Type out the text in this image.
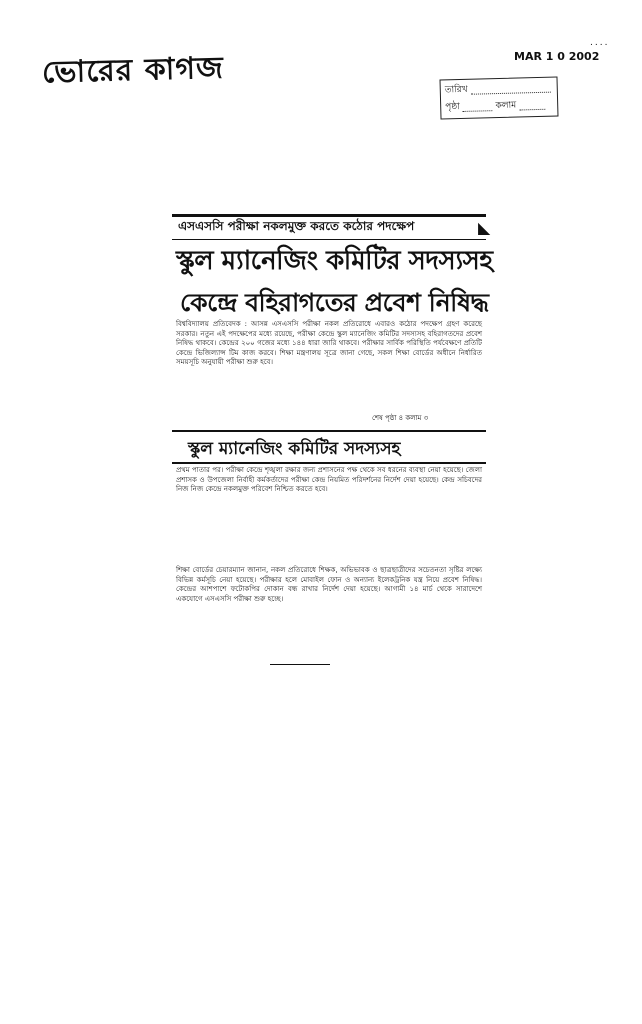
ভোরের কাগজ
....
MAR 1 0 2002
তারিখ
পৃষ্ঠা	কলাম
এসএসসি পরীক্ষা নকলমুক্ত করতে কঠোর পদক্ষেপ	◣
স্কুল ম্যানেজিং কমিটির সদস্যসহ
কেন্দ্রে বহিরাগতের প্রবেশ নিষিদ্ধ
বিশ্ববিদ্যালয় প্রতিবেদক : আসন্ন এসএসসি পরীক্ষা নকল প্রতিরোধে এবারও কঠোর পদক্ষেপ গ্রহণ করেছে সরকার। নতুন এই পদক্ষেপের মধ্যে রয়েছে, পরীক্ষা কেন্দ্রে স্কুল ম্যানেজিং কমিটির সদস্যসহ বহিরাগতদের প্রবেশ নিষিদ্ধ থাকবে। কেন্দ্রের ২০০ গজের মধ্যে ১৪৪ ধারা জারি থাকবে। পরীক্ষার সার্বিক পরিস্থিতি পর্যবেক্ষণে প্রতিটি কেন্দ্রে ভিজিল্যান্স টিম কাজ করবে। শিক্ষা মন্ত্রণালয় সূত্রে জানা গেছে, সকল শিক্ষা বোর্ডের অধীনে নির্ধারিত সময়সূচি অনুযায়ী পরীক্ষা শুরু হবে।
শেষ পৃষ্ঠা ৪ কলাম ৩
স্কুল ম্যানেজিং কমিটির সদস্যসহ
প্রথম পাতার পর। পরীক্ষা কেন্দ্রে শৃঙ্খলা রক্ষার জন্য প্রশাসনের পক্ষ থেকে সব ধরনের ব্যবস্থা নেয়া হয়েছে। জেলা প্রশাসক ও উপজেলা নির্বাহী কর্মকর্তাদের পরীক্ষা কেন্দ্র নিয়মিত পরিদর্শনের নির্দেশ দেয়া হয়েছে। কেন্দ্র সচিবদের নিজ নিজ কেন্দ্রে নকলমুক্ত পরিবেশ নিশ্চিত করতে হবে।
শিক্ষা বোর্ডের চেয়ারম্যান জানান, নকল প্রতিরোধে শিক্ষক, অভিভাবক ও ছাত্রছাত্রীদের সচেতনতা সৃষ্টির লক্ষ্যে বিভিন্ন কর্মসূচি নেয়া হয়েছে। পরীক্ষার হলে মোবাইল ফোন ও অন্যান্য ইলেকট্রনিক যন্ত্র নিয়ে প্রবেশ নিষিদ্ধ। কেন্দ্রের আশপাশে ফটোকপির দোকান বন্ধ রাখার নির্দেশ দেয়া হয়েছে। আগামী ১৪ মার্চ থেকে সারাদেশে একযোগে এসএসসি পরীক্ষা শুরু হচ্ছে।
